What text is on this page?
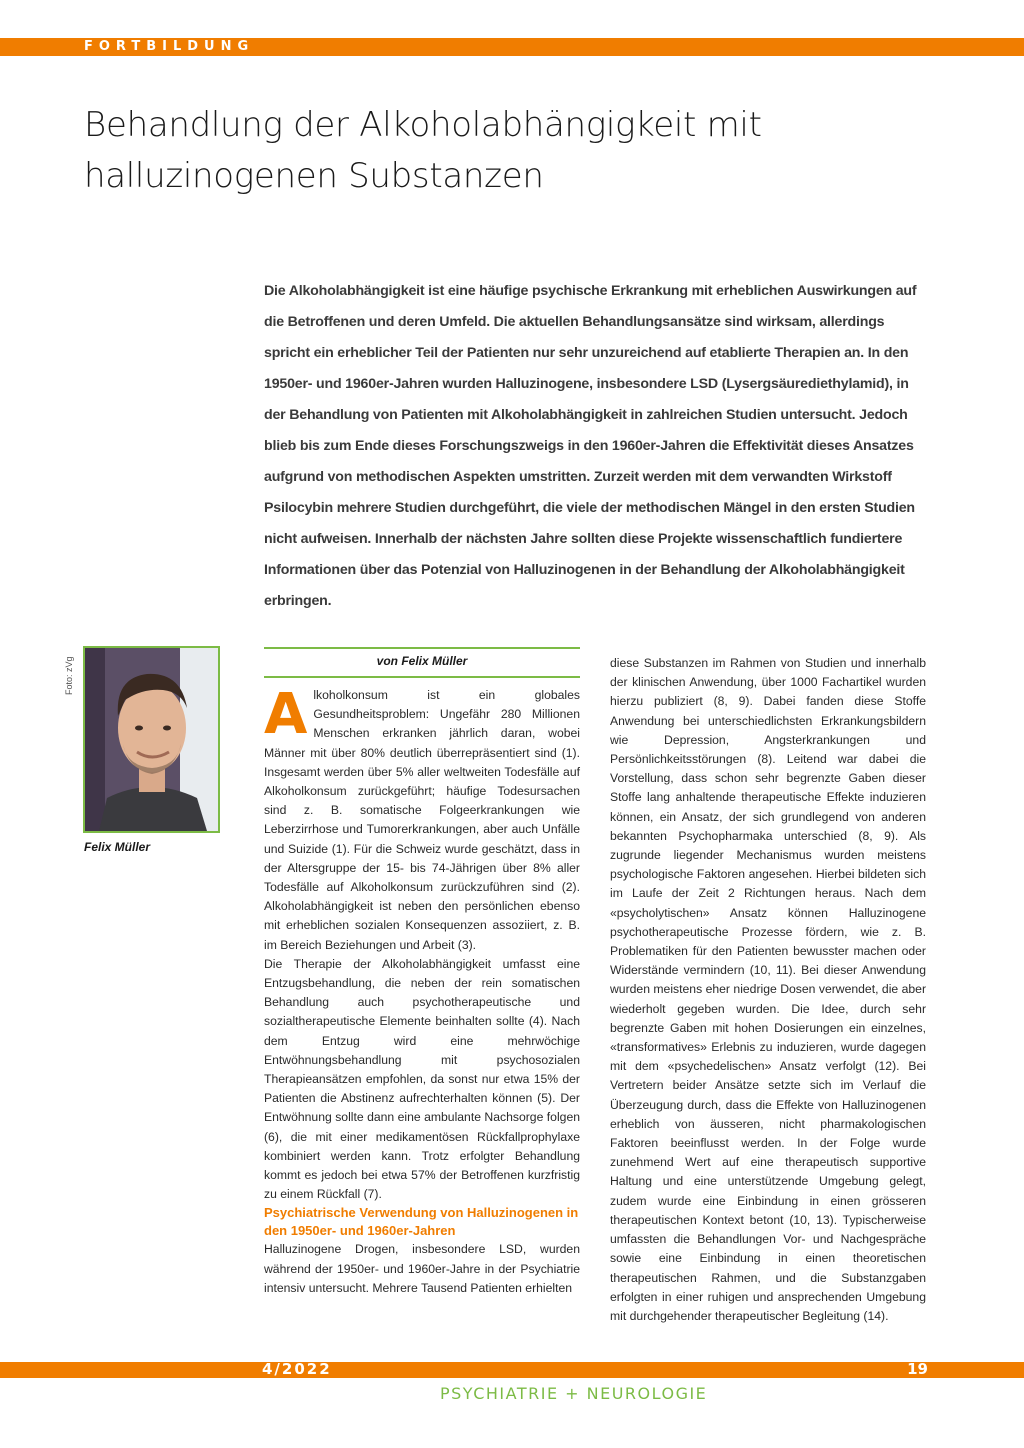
FORTBILDUNG
Behandlung der Alkoholabhängigkeit mit
halluzinogenen Substanzen

Die Alkoholabhängigkeit ist eine häufige psychische Erkrankung mit erheblichen Auswirkungen auf die Betroffenen und deren Umfeld. Die aktuellen Behandlungsansätze sind wirksam, allerdings spricht ein erheblicher Teil der Patienten nur sehr unzureichend auf etablierte Therapien an. In den 1950er- und 1960er-Jahren wurden Halluzinogene, insbesondere LSD (Lysergsäurediethylamid), in der Behandlung von Patienten mit Alkoholabhängigkeit in zahlreichen Studien untersucht. Jedoch blieb bis zum Ende dieses Forschungszweigs in den 1960er-Jahren die Effektivität dieses Ansatzes aufgrund von methodischen Aspekten umstritten. Zurzeit werden mit dem verwandten Wirkstoff Psilocybin mehrere Studien durchgeführt, die viele der methodischen Mängel in den ersten Studien nicht aufweisen. Innerhalb der nächsten Jahre sollten diese Projekte wissenschaftlich fundiertere Informationen über das Potenzial von Halluzinogenen in der Behandlung der Alkoholabhängigkeit erbringen.

Foto: zVg
Felix Müller
von Felix Müller

Alkoholkonsum ist ein globales Gesundheitsproblem: Ungefähr 280 Millionen Menschen erkranken jährlich daran, wobei Männer mit über 80% deutlich überrepräsentiert sind (1). Insgesamt werden über 5% aller weltweiten Todesfälle auf Alkoholkonsum zurückgeführt; häufige Todesursachen sind z. B. somatische Folgeerkrankungen wie Leberzirrhose und Tumorerkrankungen, aber auch Unfälle und Suizide (1). Für die Schweiz wurde geschätzt, dass in der Altersgruppe der 15- bis 74-Jährigen über 8% aller Todesfälle auf Alkoholkonsum zurückzuführen sind (2). Alkoholabhängigkeit ist neben den persönlichen ebenso mit erheblichen sozialen Konsequenzen assoziiert, z. B. im Bereich Beziehungen und Arbeit (3).

Die Therapie der Alkoholabhängigkeit umfasst eine Entzugsbehandlung, die neben der rein somatischen Behandlung auch psychotherapeutische und sozialtherapeutische Elemente beinhalten sollte (4). Nach dem Entzug wird eine mehrwöchige Entwöhnungsbehandlung mit psychosozialen Therapieansätzen empfohlen, da sonst nur etwa 15% der Patienten die Abstinenz aufrechterhalten können (5). Der Entwöhnung sollte dann eine ambulante Nachsorge folgen (6), die mit einer medikamentösen Rückfallprophylaxe kombiniert werden kann. Trotz erfolgter Behandlung kommt es jedoch bei etwa 57% der Betroffenen kurzfristig zu einem Rückfall (7).

Psychiatrische Verwendung von Halluzinogenen in den 1950er- und 1960er-Jahren

Halluzinogene Drogen, insbesondere LSD, wurden während der 1950er- und 1960er-Jahre in der Psychiatrie intensiv untersucht. Mehrere Tausend Patienten erhielten

diese Substanzen im Rahmen von Studien und innerhalb der klinischen Anwendung, über 1000 Fachartikel wurden hierzu publiziert (8, 9). Dabei fanden diese Stoffe Anwendung bei unterschiedlichsten Erkrankungsbildern wie Depression, Angsterkrankungen und Persönlichkeitsstörungen (8). Leitend war dabei die Vorstellung, dass schon sehr begrenzte Gaben dieser Stoffe lang anhaltende therapeutische Effekte induzieren können, ein Ansatz, der sich grundlegend von anderen bekannten Psychopharmaka unterschied (8, 9). Als zugrunde liegender Mechanismus wurden meistens psychologische Faktoren angesehen. Hierbei bildeten sich im Laufe der Zeit 2 Richtungen heraus. Nach dem «psycholytischen» Ansatz können Halluzinogene psychotherapeutische Prozesse fördern, wie z. B. Problematiken für den Patienten bewusster machen oder Widerstände vermindern (10, 11). Bei dieser Anwendung wurden meistens eher niedrige Dosen verwendet, die aber wiederholt gegeben wurden. Die Idee, durch sehr begrenzte Gaben mit hohen Dosierungen ein einzelnes, «transformatives» Erlebnis zu induzieren, wurde dagegen mit dem «psychedelischen» Ansatz verfolgt (12). Bei Vertretern beider Ansätze setzte sich im Verlauf die Überzeugung durch, dass die Effekte von Halluzinogenen erheblich von äusseren, nicht pharmakologischen Faktoren beeinflusst werden. In der Folge wurde zunehmend Wert auf eine therapeutisch supportive Haltung und eine unterstützende Umgebung gelegt, zudem wurde eine Einbindung in einen grösseren therapeutischen Kontext betont (10, 13). Typischerweise umfassten die Behandlungen Vor- und Nachgespräche sowie eine Einbindung in einen theoretischen therapeutischen Rahmen, und die Substanzgaben erfolgten in einer ruhigen und ansprechenden Umgebung mit durchgehender therapeutischer Begleitung (14).

4/2022	19
PSYCHIATRIE + NEUROLOGIE
